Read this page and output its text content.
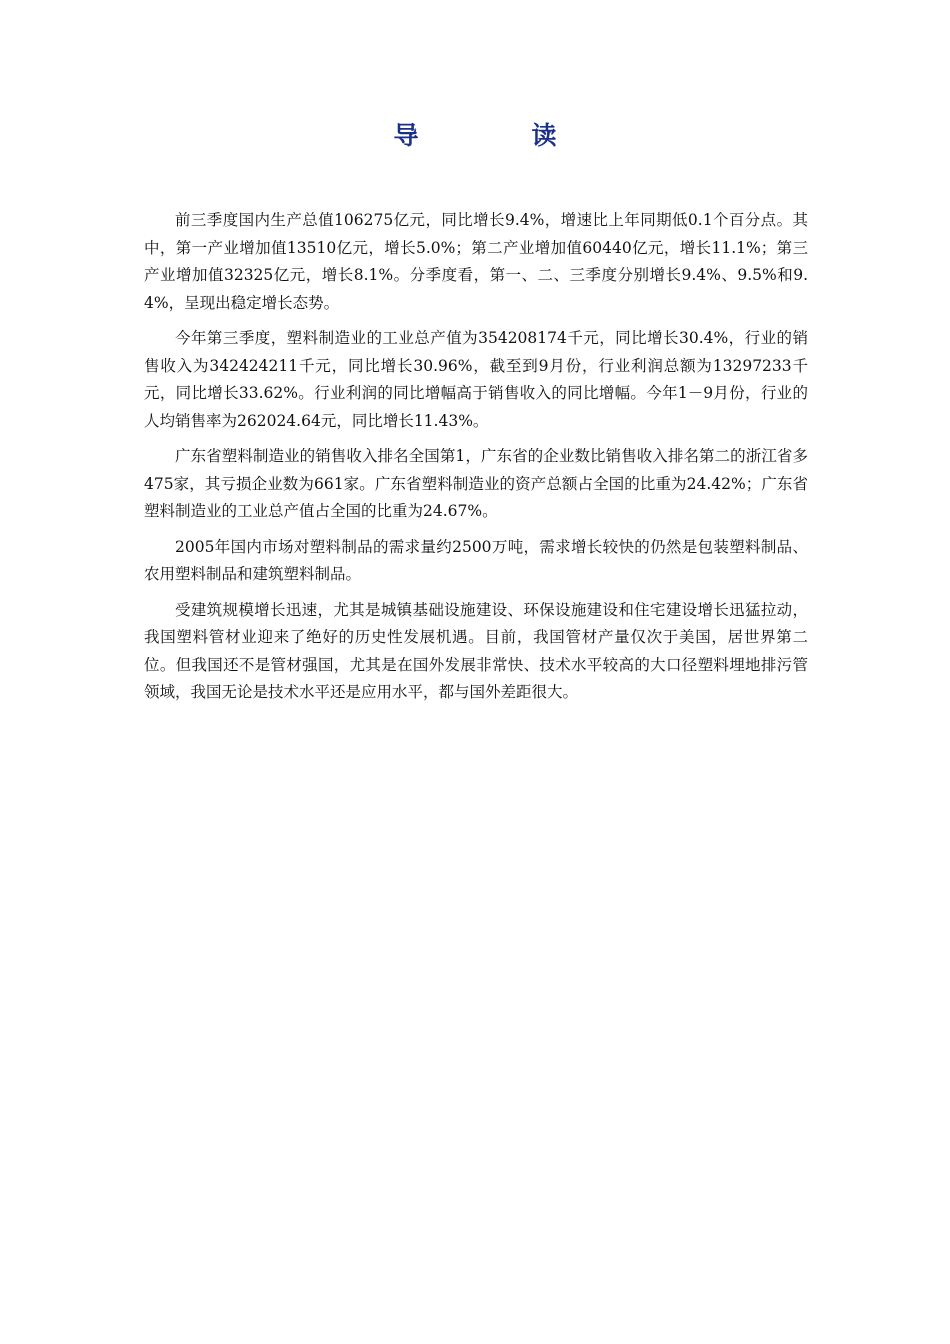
导　读

前三季度国内生产总值106275亿元，同比增长9.4%，增速比上年同期低0.1个百分点。其中，第一产业增加值13510亿元，增长5.0%；第二产业增加值60440亿元，增长11.1%；第三产业增加值32325亿元，增长8.1%。分季度看，第一、二、三季度分别增长9.4%、9.5%和9.4%，呈现出稳定增长态势。

今年第三季度，塑料制造业的工业总产值为354208174千元，同比增长30.4%，行业的销售收入为342424211千元，同比增长30.96%，截至到9月份，行业利润总额为13297233千元，同比增长33.62%。行业利润的同比增幅高于销售收入的同比增幅。今年1－9月份，行业的人均销售率为262024.64元，同比增长11.43%。

广东省塑料制造业的销售收入排名全国第1，广东省的企业数比销售收入排名第二的浙江省多475家，其亏损企业数为661家。广东省塑料制造业的资产总额占全国的比重为24.42%；广东省塑料制造业的工业总产值占全国的比重为24.67%。

2005年国内市场对塑料制品的需求量约2500万吨，需求增长较快的仍然是包装塑料制品、农用塑料制品和建筑塑料制品。

受建筑规模增长迅速，尤其是城镇基础设施建设、环保设施建设和住宅建设增长迅猛拉动，我国塑料管材业迎来了绝好的历史性发展机遇。目前，我国管材产量仅次于美国，居世界第二位。但我国还不是管材强国，尤其是在国外发展非常快、技术水平较高的大口径塑料埋地排污管领域，我国无论是技术水平还是应用水平，都与国外差距很大。
